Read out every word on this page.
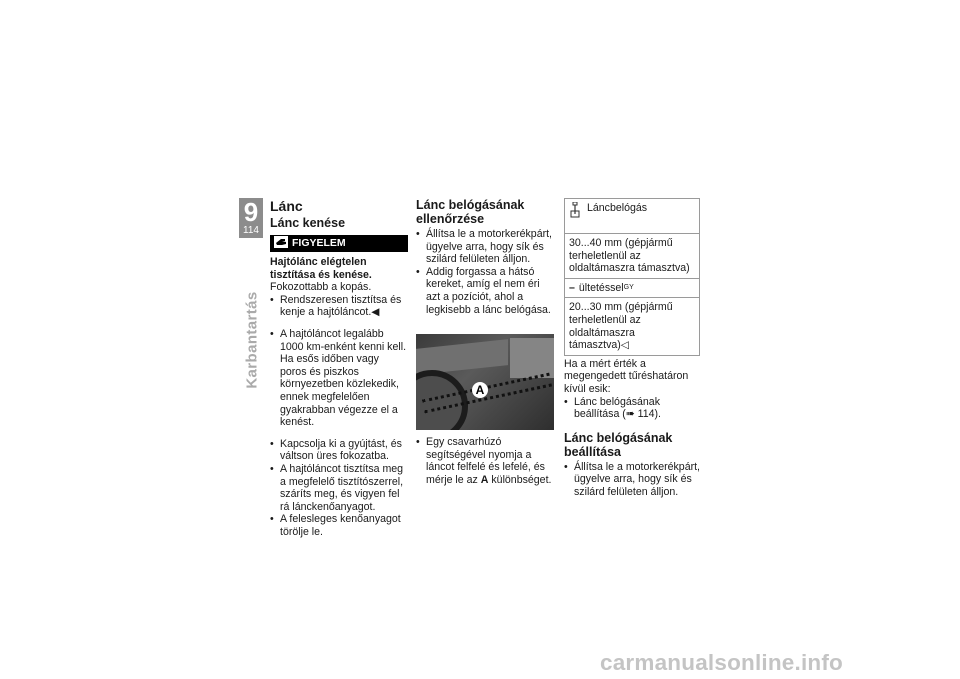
9
114
Karbantartás
Lánc
Lánc kenése
FIGYELEM
Hajtólánc elégtelen tisztítása és kenése.
Fokozottabb a kopás.
• Rendszeresen tisztítsa és kenje a hajtóláncot.◀
• A hajtóláncot legalább 1000 km-enként kenni kell. Ha esős időben vagy poros és piszkos környezetben közlekedik, ennek megfelelően gyakrabban végezze el a kenést.
• Kapcsolja ki a gyújtást, és váltson üres fokozatba.
• A hajtóláncot tisztítsa meg a megfelelő tisztítószerrel, száríts meg, és vigyen fel rá lánckenőanyagot.
• A felesleges kenőanyagot törölje le.
Lánc belógásának ellenőrzése
• Állítsa le a motorkerékpárt, ügyelve arra, hogy sík és szilárd felületen álljon.
• Addig forgassa a hátsó kereket, amíg el nem éri azt a pozíciót, ahol a legkisebb a lánc belógása.
A
• Egy csavarhúzó segítségével nyomja a láncot felfelé és lefelé, és mérje le az A különbséget.
Láncbelógás

30...40 mm (gépjármű terheletlenül az oldaltámaszra támasztva)

– ültetéssel GY

20...30 mm (gépjármű terheletlenül az oldaltámaszra támasztva)◁
Ha a mért érték a megengedett tűréshatáron kívül esik:
• Lánc belógásának beállítása (➠ 114).
Lánc belógásának beállítása
• Állítsa le a motorkerékpárt, ügyelve arra, hogy sík és szilárd felületen álljon.
carmanualsonline.info
